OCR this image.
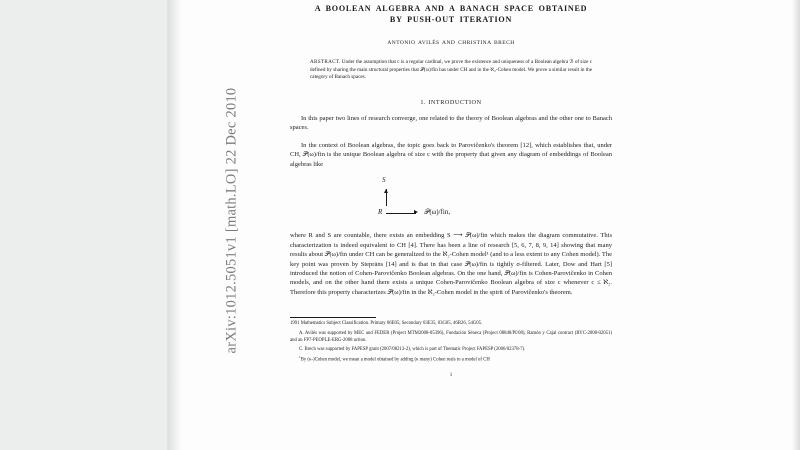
arXiv:1012.5051v1 [math.LO] 22 Dec 2010
A BOOLEAN ALGEBRA AND A BANACH SPACE OBTAINED
BY PUSH-OUT ITERATION
ANTONIO AVILÉS AND CHRISTINA BRECH
ABSTRACT. Under the assumption that c is a regular cardinal, we prove the existence and uniqueness of a Boolean algebra ℬ of size c defined by sharing the main structural properties that 𝒫(ω)/fin has under CH and in the ℵ₂-Cohen model. We prove a similar result in the category of Banach spaces.
1. INTRODUCTION

In this paper two lines of research converge, one related to the theory of Boolean algebras and the other one to Banach spaces.

In the context of Boolean algebras, the topic goes back to Parovičenko's theorem [12], which establishes that, under CH, 𝒫(ω)/fin is the unique Boolean algebra of size c with the property that given any diagram of embeddings of Boolean algebras like

S
R	𝒫(ω)/fin,

where R and S are countable, there exists an embedding S ⟶ 𝒫(ω)/fin which makes the diagram commutative. This characterization is indeed equivalent to CH [4]. There has been a line of research [5, 6, 7, 8, 9, 14] showing that many results about 𝒫(ω)/fin under CH can be generalized to the ℵ₂-Cohen model¹ (and to a less extent to any Cohen model). The key point was proven by Steprāns [14] and is that in that case 𝒫(ω)/fin is tightly σ-filtered. Later, Dow and Hart [5] introduced the notion of Cohen-Parovičenko Boolean algebras. On the one hand, 𝒫(ω)/fin is Cohen-Parovičenko in Cohen models, and on the other hand there exists a unique Cohen-Parovičenko Boolean algebra of size c whenever c ≤ ℵ₂. Therefore this property characterizes 𝒫(ω)/fin in the ℵ₂-Cohen model in the spirit of Parovičenko's theorem.

1991 Mathematics Subject Classification. Primary 06E05; Secondary 03E35, 03G05, 46B26, 54G05.
A. Avilés was supported by MEC and FEDER (Project MTM2008-05396), Fundación Séneca (Project 08848/PI/08), Ramón y Cajal contract (RYC-2008-02051) and an FP7-PEOPLE-ERG-2008 action.
C. Brech was supported by FAPESP grant (2007/08213-2), which is part of Thematic Project FAPESP (2006/02378-7).
$^1$By (κ-)Cohen model, we mean a model obtained by adding (κ many) Cohen reals to a model of CH
1
